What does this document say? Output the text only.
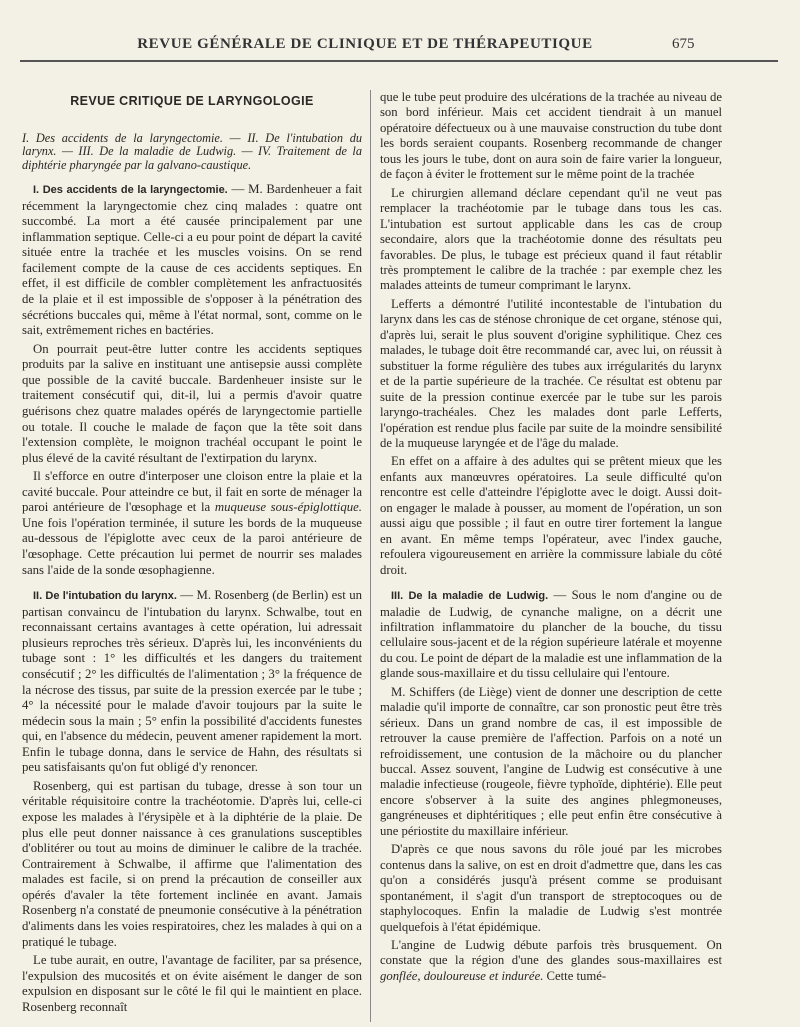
REVUE GÉNÉRALE DE CLINIQUE ET DE THÉRAPEUTIQUE	675
REVUE CRITIQUE DE LARYNGOLOGIE
I. Des accidents de la laryngectomie. — II. De l'intubation du larynx. — III. De la maladie de Ludwig. — IV. Traitement de la diphtérie pharyngée par la galvano-caustique.

I. Des accidents de la laryngectomie. — M. Bardenheuer a fait récemment la laryngectomie chez cinq malades : quatre ont succombé. La mort a été causée principalement par une inflammation septique. Celle-ci a eu pour point de départ la cavité située entre la trachée et les muscles voisins. On se rend facilement compte de la cause de ces accidents septiques. En effet, il est difficile de combler complètement les anfractuosités de la plaie et il est impossible de s'opposer à la pénétration des sécrétions buccales qui, même à l'état normal, sont, comme on le sait, extrêmement riches en bactéries.

On pourrait peut-être lutter contre les accidents septiques produits par la salive en instituant une antisepsie aussi complète que possible de la cavité buccale. Bardenheuer insiste sur le traitement consécutif qui, dit-il, lui a permis d'avoir quatre guérisons chez quatre malades opérés de laryngectomie partielle ou totale. Il couche le malade de façon que la tête soit dans l'extension complète, le moignon trachéal occupant le point le plus élevé de la cavité résultant de l'extirpation du larynx.

Il s'efforce en outre d'interposer une cloison entre la plaie et la cavité buccale. Pour atteindre ce but, il fait en sorte de ménager la paroi antérieure de l'œsophage et la muqueuse sous-épiglottique. Une fois l'opération terminée, il suture les bords de la muqueuse au-dessous de l'épiglotte avec ceux de la paroi antérieure de l'œsophage. Cette précaution lui permet de nourrir ses malades sans l'aide de la sonde œsophagienne.

II. De l'intubation du larynx. — M. Rosenberg (de Berlin) est un partisan convaincu de l'intubation du larynx. Schwalbe, tout en reconnaissant certains avantages à cette opération, lui adressait plusieurs reproches très sérieux. D'après lui, les inconvénients du tubage sont : 1° les difficultés et les dangers du traitement consécutif ; 2° les difficultés de l'alimentation ; 3° la fréquence de la nécrose des tissus, par suite de la pression exercée par le tube ; 4° la nécessité pour le malade d'avoir toujours par la suite le médecin sous la main ; 5° enfin la possibilité d'accidents funestes qui, en l'absence du médecin, peuvent amener rapidement la mort. Enfin le tubage donna, dans le service de Hahn, des résultats si peu satisfaisants qu'on fut obligé d'y renoncer.

Rosenberg, qui est partisan du tubage, dresse à son tour un véritable réquisitoire contre la trachéotomie. D'après lui, celle-ci expose les malades à l'érysipèle et à la diphtérie de la plaie. De plus elle peut donner naissance à ces granulations susceptibles d'oblitérer ou tout au moins de diminuer le calibre de la trachée. Contrairement à Schwalbe, il affirme que l'alimentation des malades est facile, si on prend la précaution de conseiller aux opérés d'avaler la tête fortement inclinée en avant. Jamais Rosenberg n'a constaté de pneumonie consécutive à la pénétration d'aliments dans les voies respiratoires, chez les malades à qui on a pratiqué le tubage.

Le tube aurait, en outre, l'avantage de faciliter, par sa présence, l'expulsion des mucosités et on évite aisément le danger de son expulsion en disposant sur le côté le fil qui le maintient en place. Rosenberg reconnaît

que le tube peut produire des ulcérations de la trachée au niveau de son bord inférieur. Mais cet accident tiendrait à un manuel opératoire défectueux ou à une mauvaise construction du tube dont les bords seraient coupants. Rosenberg recommande de changer tous les jours le tube, dont on aura soin de faire varier la longueur, de façon à éviter le frottement sur le même point de la trachée

Le chirurgien allemand déclare cependant qu'il ne veut pas remplacer la trachéotomie par le tubage dans tous les cas. L'intubation est surtout applicable dans les cas de croup secondaire, alors que la trachéotomie donne des résultats peu favorables. De plus, le tubage est précieux quand il faut rétablir très promptement le calibre de la trachée : par exemple chez les malades atteints de tumeur comprimant le larynx.

Lefferts a démontré l'utilité incontestable de l'intubation du larynx dans les cas de sténose chronique de cet organe, sténose qui, d'après lui, serait le plus souvent d'origine syphilitique. Chez ces malades, le tubage doit être recommandé car, avec lui, on réussit à substituer la forme régulière des tubes aux irrégularités du larynx et de la partie supérieure de la trachée. Ce résultat est obtenu par suite de la pression continue exercée par le tube sur les parois laryngo-trachéales. Chez les malades dont parle Lefferts, l'opération est rendue plus facile par suite de la moindre sensibilité de la muqueuse laryngée et de l'âge du malade.

En effet on a affaire à des adultes qui se prêtent mieux que les enfants aux manœuvres opératoires. La seule difficulté qu'on rencontre est celle d'atteindre l'épiglotte avec le doigt. Aussi doit-on engager le malade à pousser, au moment de l'opération, un son aussi aigu que possible ; il faut en outre tirer fortement la langue en avant. En même temps l'opérateur, avec l'index gauche, refoulera vigoureusement en arrière la commissure labiale du côté droit.

III. De la maladie de Ludwig. — Sous le nom d'angine ou de maladie de Ludwig, de cynanche maligne, on a décrit une infiltration inflammatoire du plancher de la bouche, du tissu cellulaire sous-jacent et de la région supérieure latérale et moyenne du cou. Le point de départ de la maladie est une inflammation de la glande sous-maxillaire et du tissu cellulaire qui l'entoure.

M. Schiffers (de Liège) vient de donner une description de cette maladie qu'il importe de connaître, car son pronostic peut être très sérieux. Dans un grand nombre de cas, il est impossible de retrouver la cause première de l'affection. Parfois on a noté un refroidissement, une contusion de la mâchoire ou du plancher buccal. Assez souvent, l'angine de Ludwig est consécutive à une maladie infectieuse (rougeole, fièvre typhoïde, diphtérie). Elle peut encore s'observer à la suite des angines phlegmoneuses, gangréneuses et diphtéritiques ; elle peut enfin être consécutive à une périostite du maxillaire inférieur.

D'après ce que nous savons du rôle joué par les microbes contenus dans la salive, on est en droit d'admettre que, dans les cas qu'on a considérés jusqu'à présent comme se produisant spontanément, il s'agit d'un transport de streptocoques ou de staphylocoques. Enfin la maladie de Ludwig s'est montrée quelquefois à l'état épidémique.

L'angine de Ludwig débute parfois très brusquement. On constate que la région d'une des glandes sous-maxillaires est gonflée, douloureuse et indurée. Cette tumé-
